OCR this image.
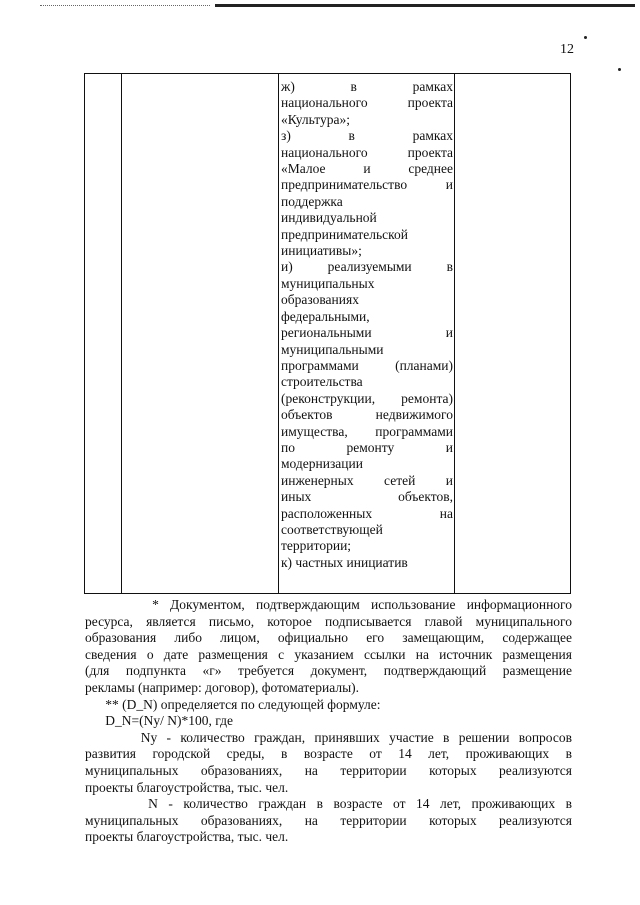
12
ж) в рамках
национального проекта
«Культура»;
з) в рамках
национального проекта
«Малое и среднее
предпринимательство и
поддержка
индивидуальной
предпринимательской
инициативы»;
и) реализуемыми в
муниципальных
образованиях
федеральными,
региональными и
муниципальными
программами (планами)
строительства
(реконструкции, ремонта)
объектов недвижимого
имущества, программами
по ремонту и
модернизации
инженерных сетей и
иных объектов,
расположенных на
соответствующей
территории;
к) частных инициатив
* Документом, подтверждающим использование информационного
ресурса, является письмо, которое подписывается главой муниципального
образования либо лицом, официально его замещающим, содержащее
сведения о дате размещения с указанием ссылки на источник размещения
(для подпункта «г» требуется документ, подтверждающий размещение
рекламы (например: договор), фотоматериалы).
** (D_N) определяется по следующей формуле:
D_N=(Ny/ N)*100, где
Ny - количество граждан, принявших участие в решении вопросов
развития городской среды, в возрасте от 14 лет, проживающих в
муниципальных образованиях, на территории которых реализуются
проекты благоустройства, тыс. чел.
N - количество граждан в возрасте от 14 лет, проживающих в
муниципальных образованиях, на территории которых реализуются
проекты благоустройства, тыс. чел.
